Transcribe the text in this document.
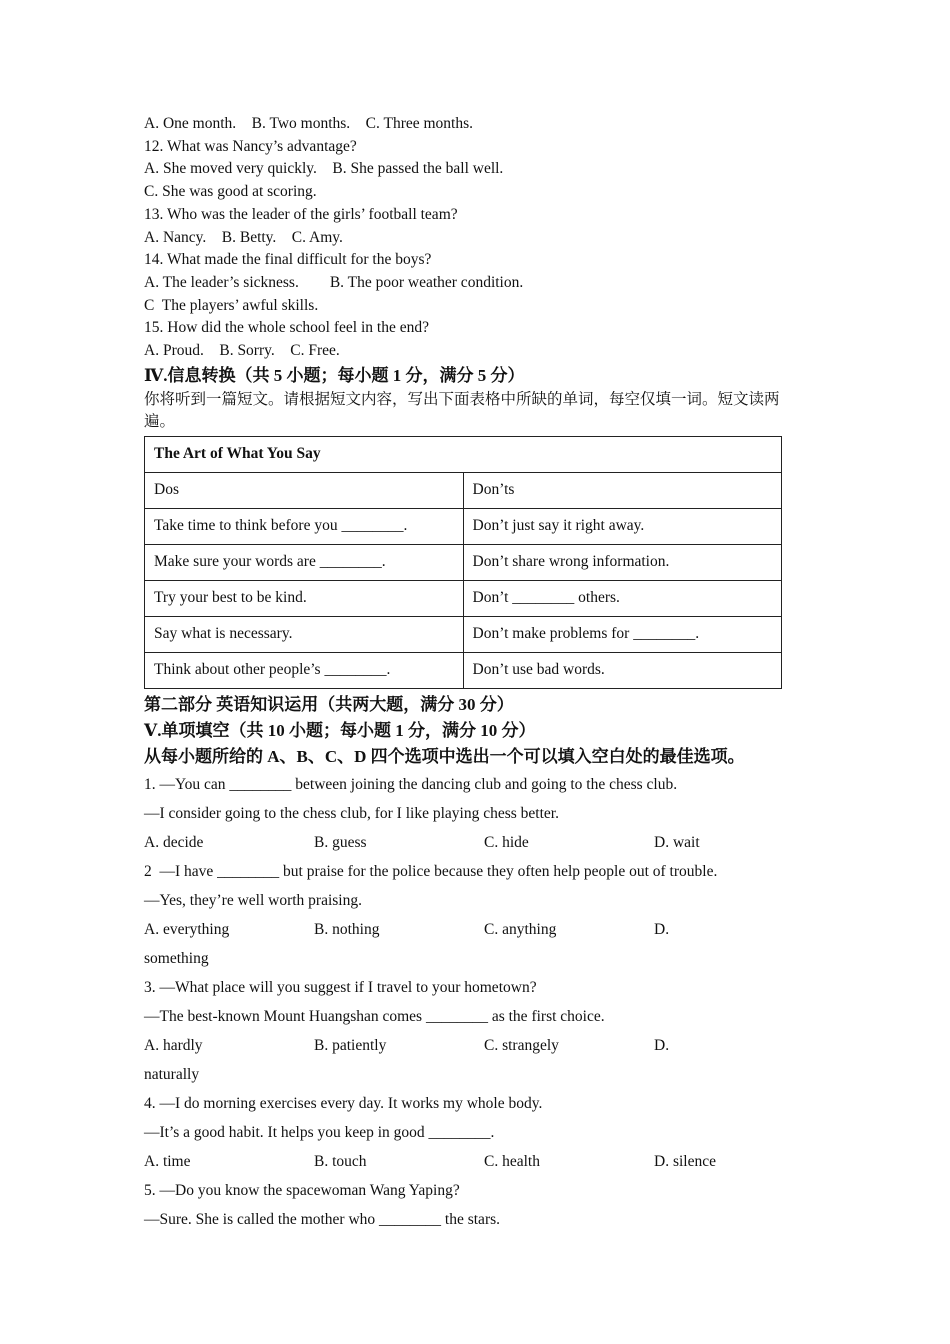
A. One month.    B. Two months.    C. Three months.
12. What was Nancy’s advantage?
A. She moved very quickly.    B. She passed the ball well.
C. She was good at scoring.
13. Who was the leader of the girls’ football team?
A. Nancy.    B. Betty.    C. Amy.
14. What made the final difficult for the boys?
A. The leader’s sickness.        B. The poor weather condition.
C  The players’ awful skills.
15. How did the whole school feel in the end?
A. Proud.    B. Sorry.    C. Free.
Ⅳ.信息转换（共 5 小题；每小题 1 分，满分 5 分）
你将听到一篇短文。请根据短文内容，写出下面表格中所缺的单词，每空仅填一词。短文读两遍。
The Art of What You Say	
Dos	Don’ts
Take time to think before you ________.	Don’t just say it right away.
Make sure your words are ________.	Don’t share wrong information.
Try your best to be kind.	Don’t ________ others.
Say what is necessary.	Don’t make problems for ________.
Think about other people’s ________.	Don’t use bad words.
第二部分 英语知识运用（共两大题，满分 30 分）
Ⅴ.单项填空（共 10 小题；每小题 1 分，满分 10 分）
从每小题所给的 A、B、C、D 四个选项中选出一个可以填入空白处的最佳选项。
1. —You can ________ between joining the dancing club and going to the chess club.
—I consider going to the chess club, for I like playing chess better.
A. decide	B. guess	C. hide	D. wait
2  —I have ________ but praise for the police because they often help people out of trouble.
—Yes, they’re well worth praising.
A. everything	B. nothing	C. anything	D.
something
3. —What place will you suggest if I travel to your hometown?
—The best-known Mount Huangshan comes ________ as the first choice.
A. hardly	B. patiently	C. strangely	D.
naturally
4. —I do morning exercises every day. It works my whole body.
—It’s a good habit. It helps you keep in good ________.
A. time	B. touch	C. health	D. silence
5. —Do you know the spacewoman Wang Yaping?
—Sure. She is called the mother who ________ the stars.
